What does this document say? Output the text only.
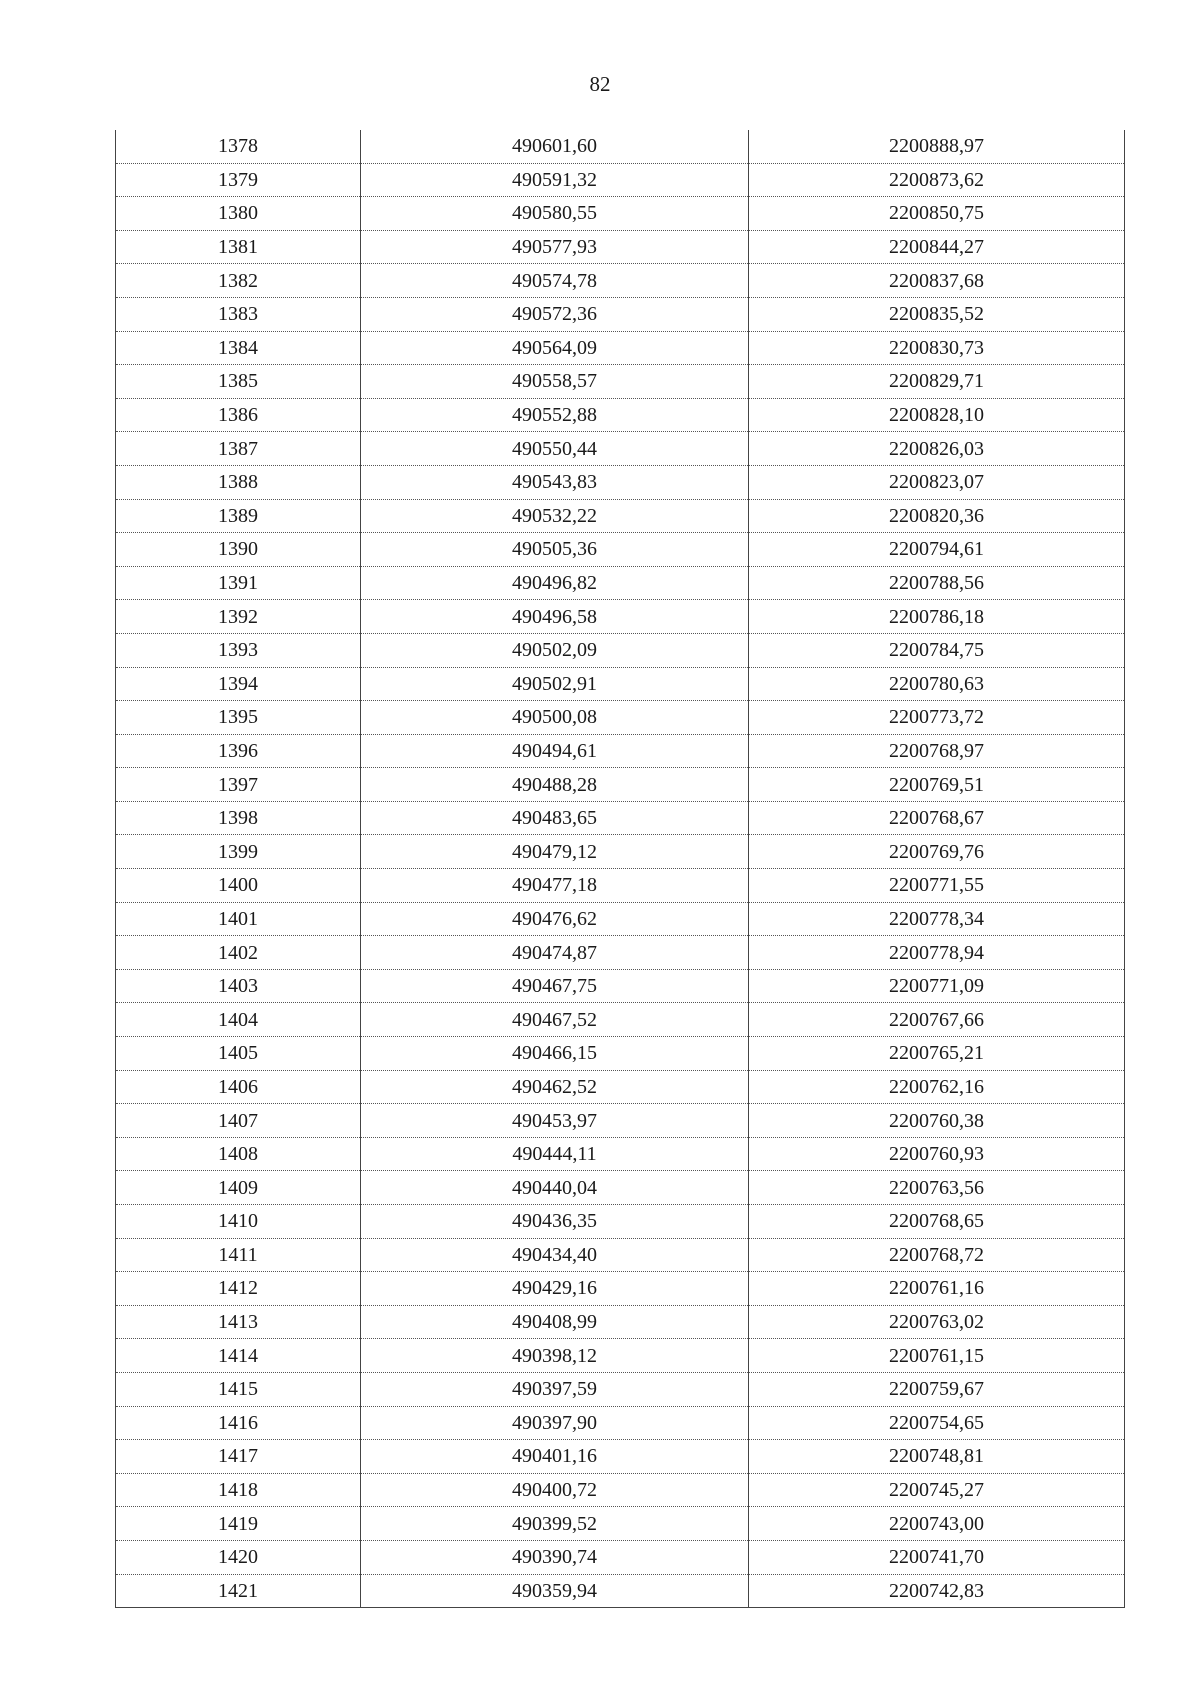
82
1378	490601,60	2200888,97
1379	490591,32	2200873,62
1380	490580,55	2200850,75
1381	490577,93	2200844,27
1382	490574,78	2200837,68
1383	490572,36	2200835,52
1384	490564,09	2200830,73
1385	490558,57	2200829,71
1386	490552,88	2200828,10
1387	490550,44	2200826,03
1388	490543,83	2200823,07
1389	490532,22	2200820,36
1390	490505,36	2200794,61
1391	490496,82	2200788,56
1392	490496,58	2200786,18
1393	490502,09	2200784,75
1394	490502,91	2200780,63
1395	490500,08	2200773,72
1396	490494,61	2200768,97
1397	490488,28	2200769,51
1398	490483,65	2200768,67
1399	490479,12	2200769,76
1400	490477,18	2200771,55
1401	490476,62	2200778,34
1402	490474,87	2200778,94
1403	490467,75	2200771,09
1404	490467,52	2200767,66
1405	490466,15	2200765,21
1406	490462,52	2200762,16
1407	490453,97	2200760,38
1408	490444,11	2200760,93
1409	490440,04	2200763,56
1410	490436,35	2200768,65
1411	490434,40	2200768,72
1412	490429,16	2200761,16
1413	490408,99	2200763,02
1414	490398,12	2200761,15
1415	490397,59	2200759,67
1416	490397,90	2200754,65
1417	490401,16	2200748,81
1418	490400,72	2200745,27
1419	490399,52	2200743,00
1420	490390,74	2200741,70
1421	490359,94	2200742,83
